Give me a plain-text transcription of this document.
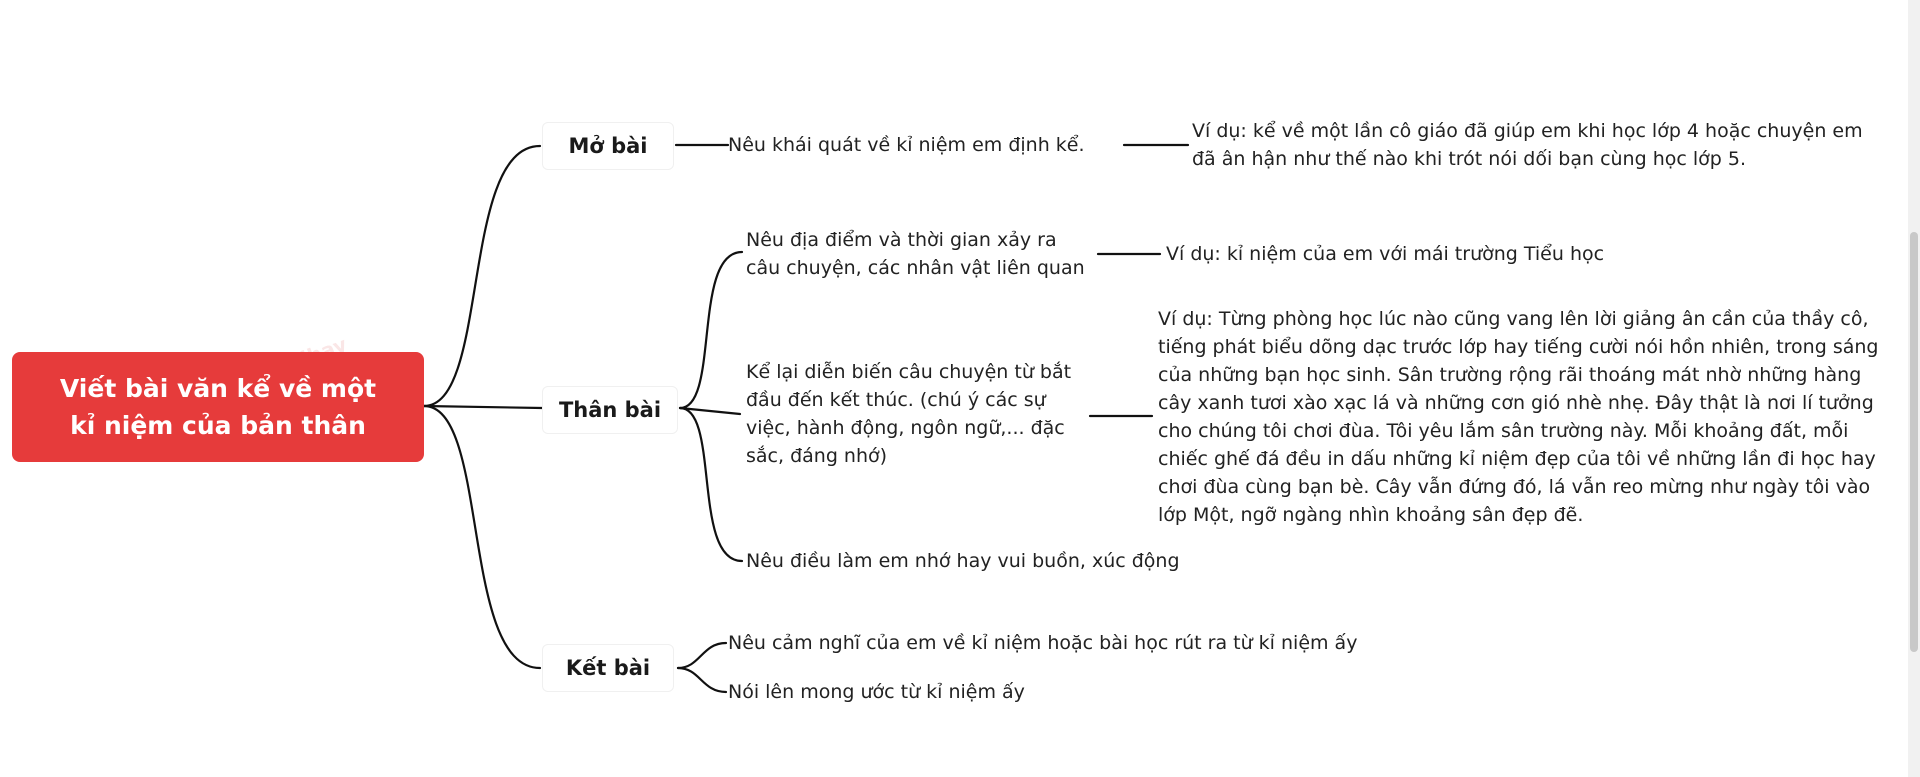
Viết bài văn kể về một kỉ niệm của bản thân
Mở bài
Thân bài
Kết bài
Nêu khái quát về kỉ niệm em định kể.
Ví dụ: kể về một lần cô giáo đã giúp em khi học lớp 4 hoặc chuyện em đã ân hận như thế nào khi trót nói dối bạn cùng học lớp 5.
Nêu địa điểm và thời gian xảy ra câu chuyện, các nhân vật liên quan
Ví dụ: kỉ niệm của em với mái trường Tiểu học
Kể lại diễn biến câu chuyện từ bắt đầu đến kết thúc. (chú ý các sự việc, hành động, ngôn ngữ,... đặc sắc, đáng nhớ)
Ví dụ: Từng phòng học lúc nào cũng vang lên lời giảng ân cần của thầy cô, tiếng phát biểu dõng dạc trước lớp hay tiếng cười nói hồn nhiên, trong sáng của những bạn học sinh. Sân trường rộng rãi thoáng mát nhờ những hàng cây xanh tươi xào xạc lá và những cơn gió nhè nhẹ. Đây thật là nơi lí tưởng cho chúng tôi chơi đùa. Tôi yêu lắm sân trường này. Mỗi khoảng đất, mỗi chiếc ghế đá đều in dấu những kỉ niệm đẹp của tôi về những lần đi học hay chơi đùa cùng bạn bè. Cây vẫn đứng đó, lá vẫn reo mừng như ngày tôi vào lớp Một, ngỡ ngàng nhìn khoảng sân đẹp đẽ.
Nêu điều làm em nhớ hay vui buồn, xúc động
Nêu cảm nghĩ của em về kỉ niệm hoặc bài học rút ra từ kỉ niệm ấy
Nói lên mong ước từ kỉ niệm ấy
